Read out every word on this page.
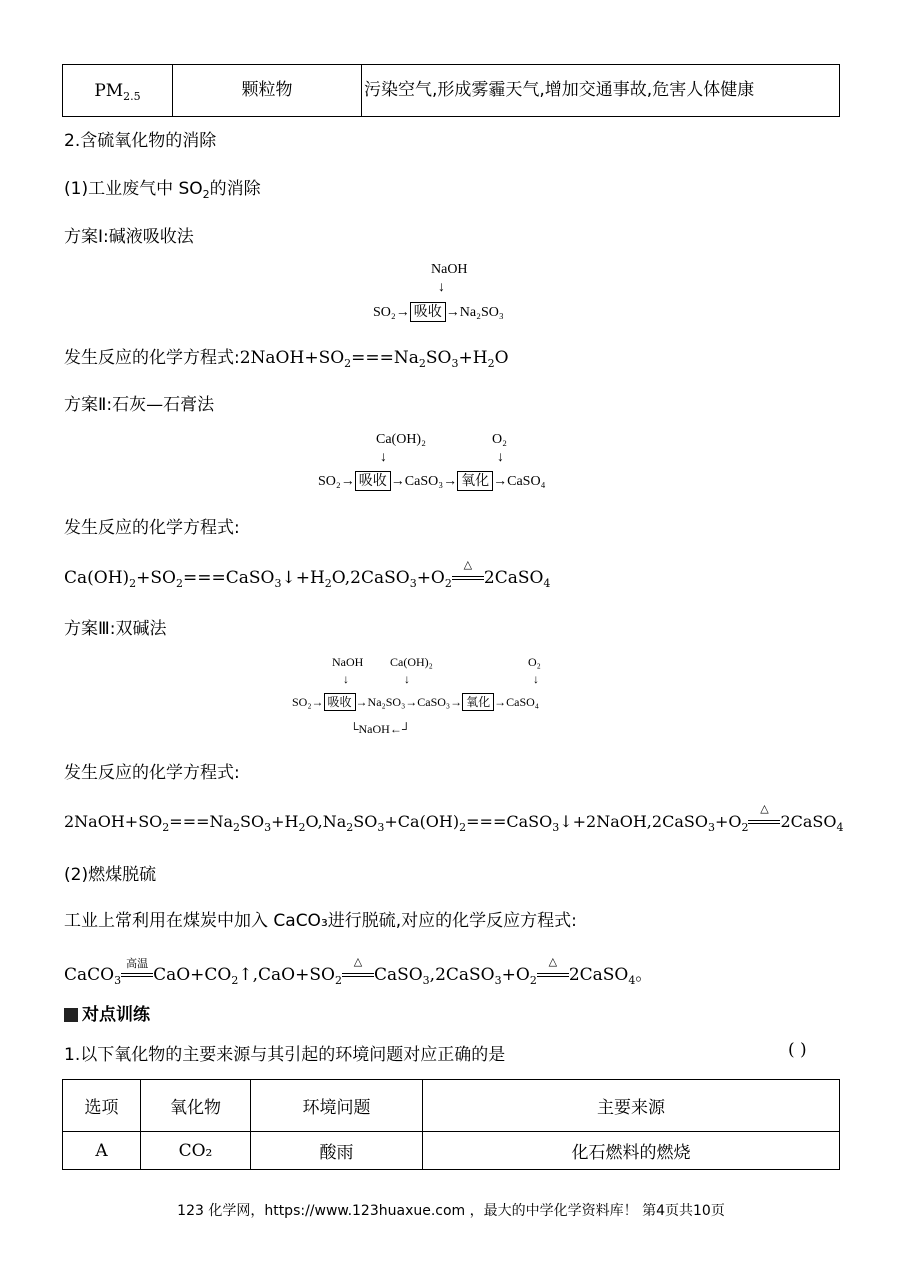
$PM_{2.5}$	颗粒物	污染空气,形成雾霾天气,增加交通事故,危害人体健康
2.含硫氧化物的消除
(1)工业废气中 $SO_2$的消除
方案Ⅰ:碱液吸收法
NaOH
↓
SO₂→ 吸收 →Na₂SO₃
发生反应的化学方程式$:2NaOH+SO_2===Na_2SO_3+H_2O$
方案Ⅱ:石灰—石膏法
Ca(OH)₂
↓
O₂
↓
SO₂→ 吸收 →CaSO₃→ 氧化 →CaSO₄
发生反应的化学方程式:
$Ca(OH)_2+SO_2===CaSO_3↓+H_2O,2CaSO_3+O_2$
△
2CaSO$_4$
方案Ⅲ:双碱法
NaOH
↓
Ca(OH)₂
↓
O₂
↓
SO₂→ 吸收 →Na₂SO₃→CaSO₃→ 氧化 →CaSO₄
└NaOH←┘
发生反应的化学方程式:
$2NaOH+SO_2===Na_2SO_3+H_2O,Na_2SO_3+Ca(OH)_2===CaSO_3↓+2NaOH,2CaSO_3+O_2$
△
2CaSO$_4$
(2)燃煤脱硫
工业上常利用在煤炭中加入 CaCO₃进行脱硫,对应的化学反应方程式:
CaCO$_3$
高温
$CaO+CO_2↑,CaO+SO_2$
△
$CaSO_3,2CaSO_3+O_2$
△
2CaSO$_4$。
对点训练
1.以下氧化物的主要来源与其引起的环境问题对应正确的是	( )
选项	氧化物	环境问题	主要来源
A	CO₂	酸雨	化石燃料的燃烧
123 化学网，https://www.123huaxue.com ，最大的中学化学资料库！ 第4页共10页
